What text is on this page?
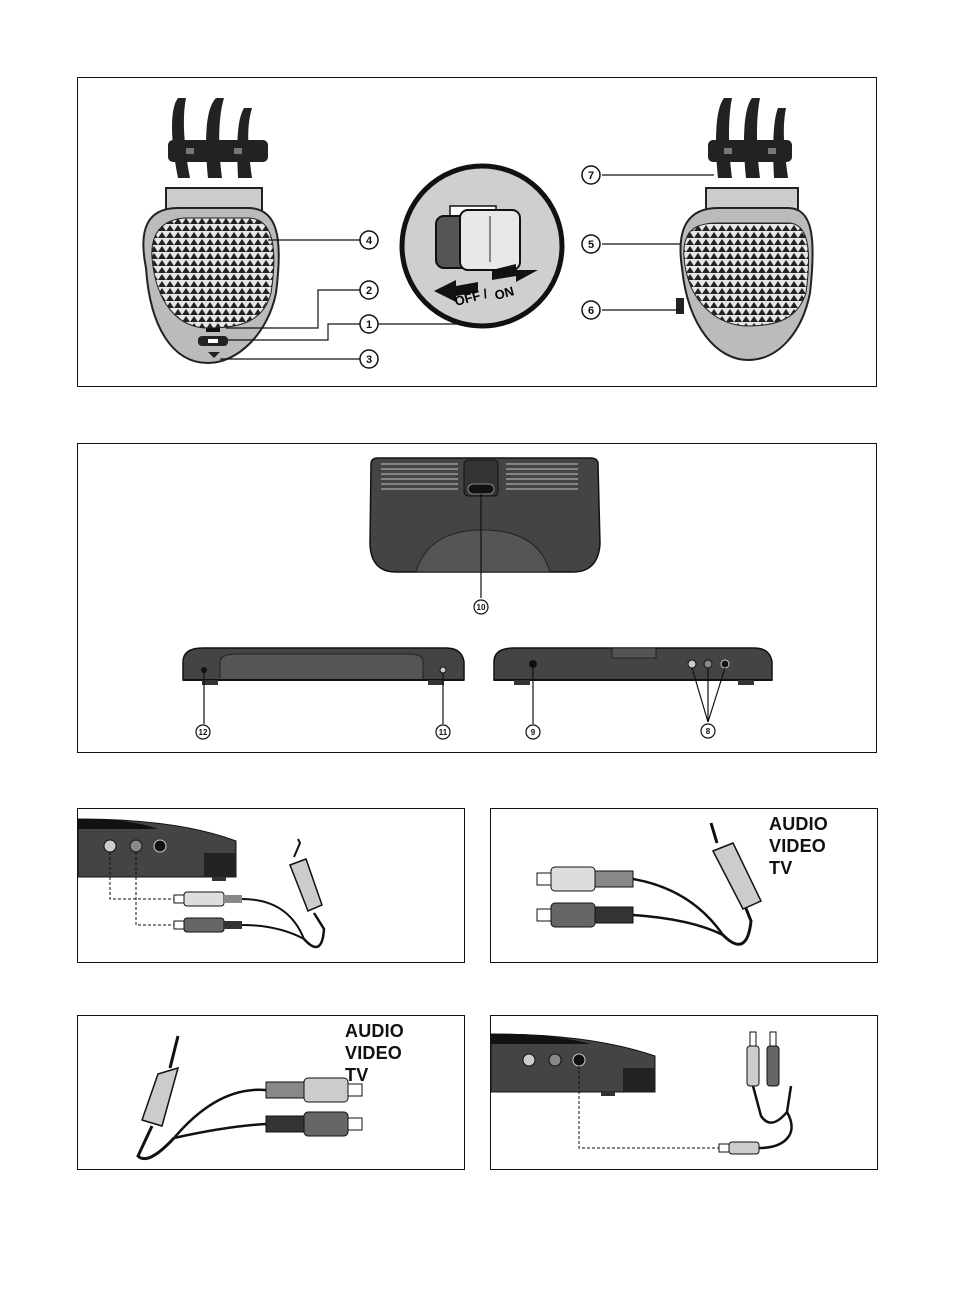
OFF / ON
4
2
1
3
7
5
6
10
12	11	9	8
AUDIO
VIDEO
TV
AUDIO
VIDEO
TV
